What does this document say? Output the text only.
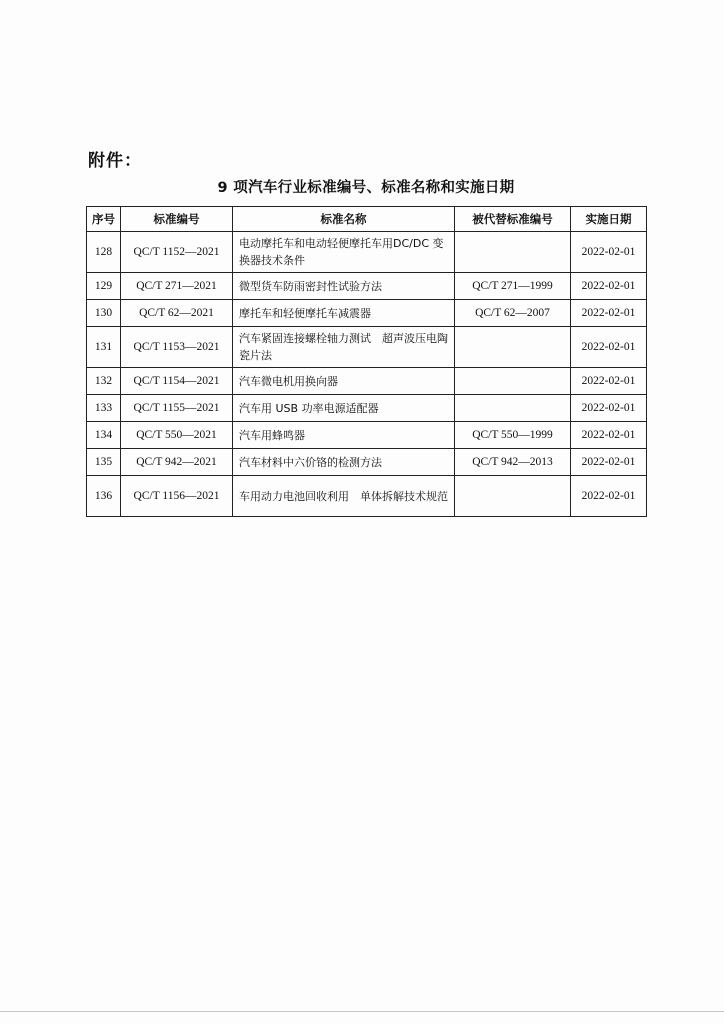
附件：
9 项汽车行业标准编号、标准名称和实施日期
序号	标准编号	标准名称	被代替标准编号	实施日期
128	QC/T 1152—2021	电动摩托车和电动轻便摩托车用DC/DC 变换器技术条件		2022-02-01
129	QC/T 271—2021	微型货车防雨密封性试验方法	QC/T 271—1999	2022-02-01
130	QC/T 62—2021	摩托车和轻便摩托车减震器	QC/T 62—2007	2022-02-01
131	QC/T 1153—2021	汽车紧固连接螺栓轴力测试　超声波压电陶瓷片法		2022-02-01
132	QC/T 1154—2021	汽车微电机用换向器		2022-02-01
133	QC/T 1155—2021	汽车用 USB 功率电源适配器		2022-02-01
134	QC/T 550—2021	汽车用蜂鸣器	QC/T 550—1999	2022-02-01
135	QC/T 942—2021	汽车材料中六价铬的检测方法	QC/T 942—2013	2022-02-01
136	QC/T 1156—2021	车用动力电池回收利用　单体拆解技术规范		2022-02-01
